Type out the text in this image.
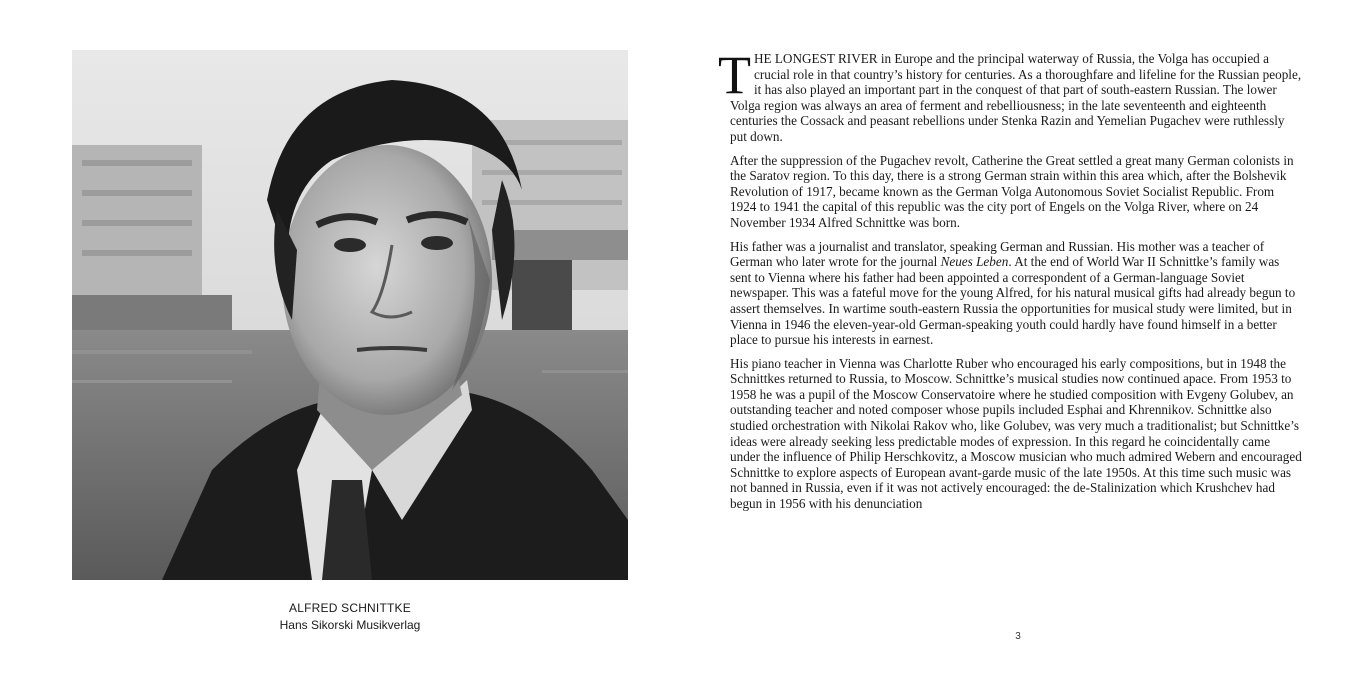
ALFRED SCHNITTKE
Hans Sikorski Musikverlag

THE LONGEST RIVER in Europe and the principal waterway of Russia, the Volga has occupied a crucial role in that country’s history for centuries. As a thoroughfare and lifeline for the Russian people, it has also played an important part in the conquest of that part of south-eastern Russian. The lower Volga region was always an area of ferment and rebelliousness; in the late seventeenth and eighteenth centuries the Cossack and peasant rebellions under Stenka Razin and Yemelian Pugachev were ruthlessly put down.

After the suppression of the Pugachev revolt, Catherine the Great settled a great many German colonists in the Saratov region. To this day, there is a strong German strain within this area which, after the Bolshevik Revolution of 1917, became known as the German Volga Autonomous Soviet Socialist Republic. From 1924 to 1941 the capital of this republic was the city port of Engels on the Volga River, where on 24 November 1934 Alfred Schnittke was born.

His father was a journalist and translator, speaking German and Russian. His mother was a teacher of German who later wrote for the journal Neues Leben. At the end of World War II Schnittke’s family was sent to Vienna where his father had been appointed a correspondent of a German-language Soviet newspaper. This was a fateful move for the young Alfred, for his natural musical gifts had already begun to assert themselves. In wartime south-eastern Russia the opportunities for musical study were limited, but in Vienna in 1946 the eleven-year-old German-speaking youth could hardly have found himself in a better place to pursue his interests in earnest.

His piano teacher in Vienna was Charlotte Ruber who encouraged his early compositions, but in 1948 the Schnittkes returned to Russia, to Moscow. Schnittke’s musical studies now continued apace. From 1953 to 1958 he was a pupil of the Moscow Conservatoire where he studied composition with Evgeny Golubev, an outstanding teacher and noted composer whose pupils included Esphai and Khrennikov. Schnittke also studied orchestration with Nikolai Rakov who, like Golubev, was very much a traditionalist; but Schnittke’s ideas were already seeking less predictable modes of expression. In this regard he coincidentally came under the influence of Philip Herschkovitz, a Moscow musician who much admired Webern and encouraged Schnittke to explore aspects of European avant-garde music of the late 1950s. At this time such music was not banned in Russia, even if it was not actively encouraged: the de-Stalinization which Krushchev had begun in 1956 with his denunciation

3
